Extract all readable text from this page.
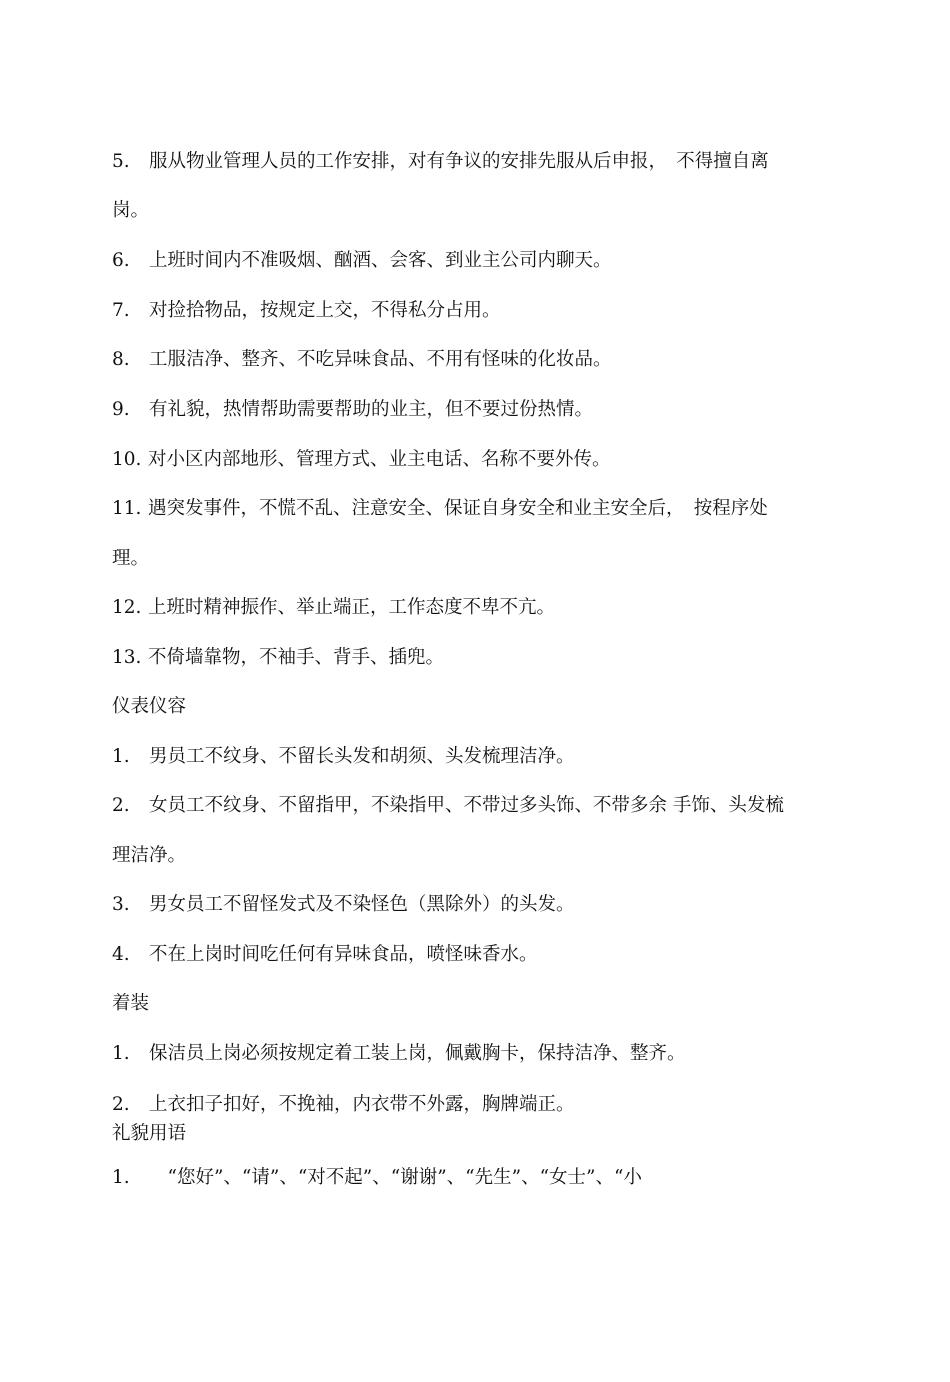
5. 服从物业管理人员的工作安排，对有争议的安排先服从后申报，　不得擅自离
岗。
6. 上班时间内不准吸烟、酗酒、会客、到业主公司内聊天。
7. 对捡拾物品，按规定上交，不得私分占用。
8. 工服洁净、整齐、不吃异味食品、不用有怪味的化妆品。
9. 有礼貌，热情帮助需要帮助的业主，但不要过份热情。
10. 对小区内部地形、管理方式、业主电话、名称不要外传。
11. 遇突发事件，不慌不乱、注意安全、保证自身安全和业主安全后，　按程序处
理。
12. 上班时精神振作、举止端正，工作态度不卑不亢。
13. 不倚墙靠物，不袖手、背手、插兜。
仪表仪容
1. 男员工不纹身、不留长头发和胡须、头发梳理洁净。
2. 女员工不纹身、不留指甲，不染指甲、不带过多头饰、不带多余 手饰、头发梳
理洁净。
3. 男女员工不留怪发式及不染怪色（黑除外）的头发。
4. 不在上岗时间吃任何有异味食品，喷怪味香水。
着装
1. 保洁员上岗必须按规定着工装上岗，佩戴胸卡，保持洁净、整齐。
2. 上衣扣子扣好，不挽袖，内衣带不外露，胸牌端正。
礼貌用语
1.　“您好”、“请”、“对不起”、“谢谢”、“先生”、“女士”、“小
